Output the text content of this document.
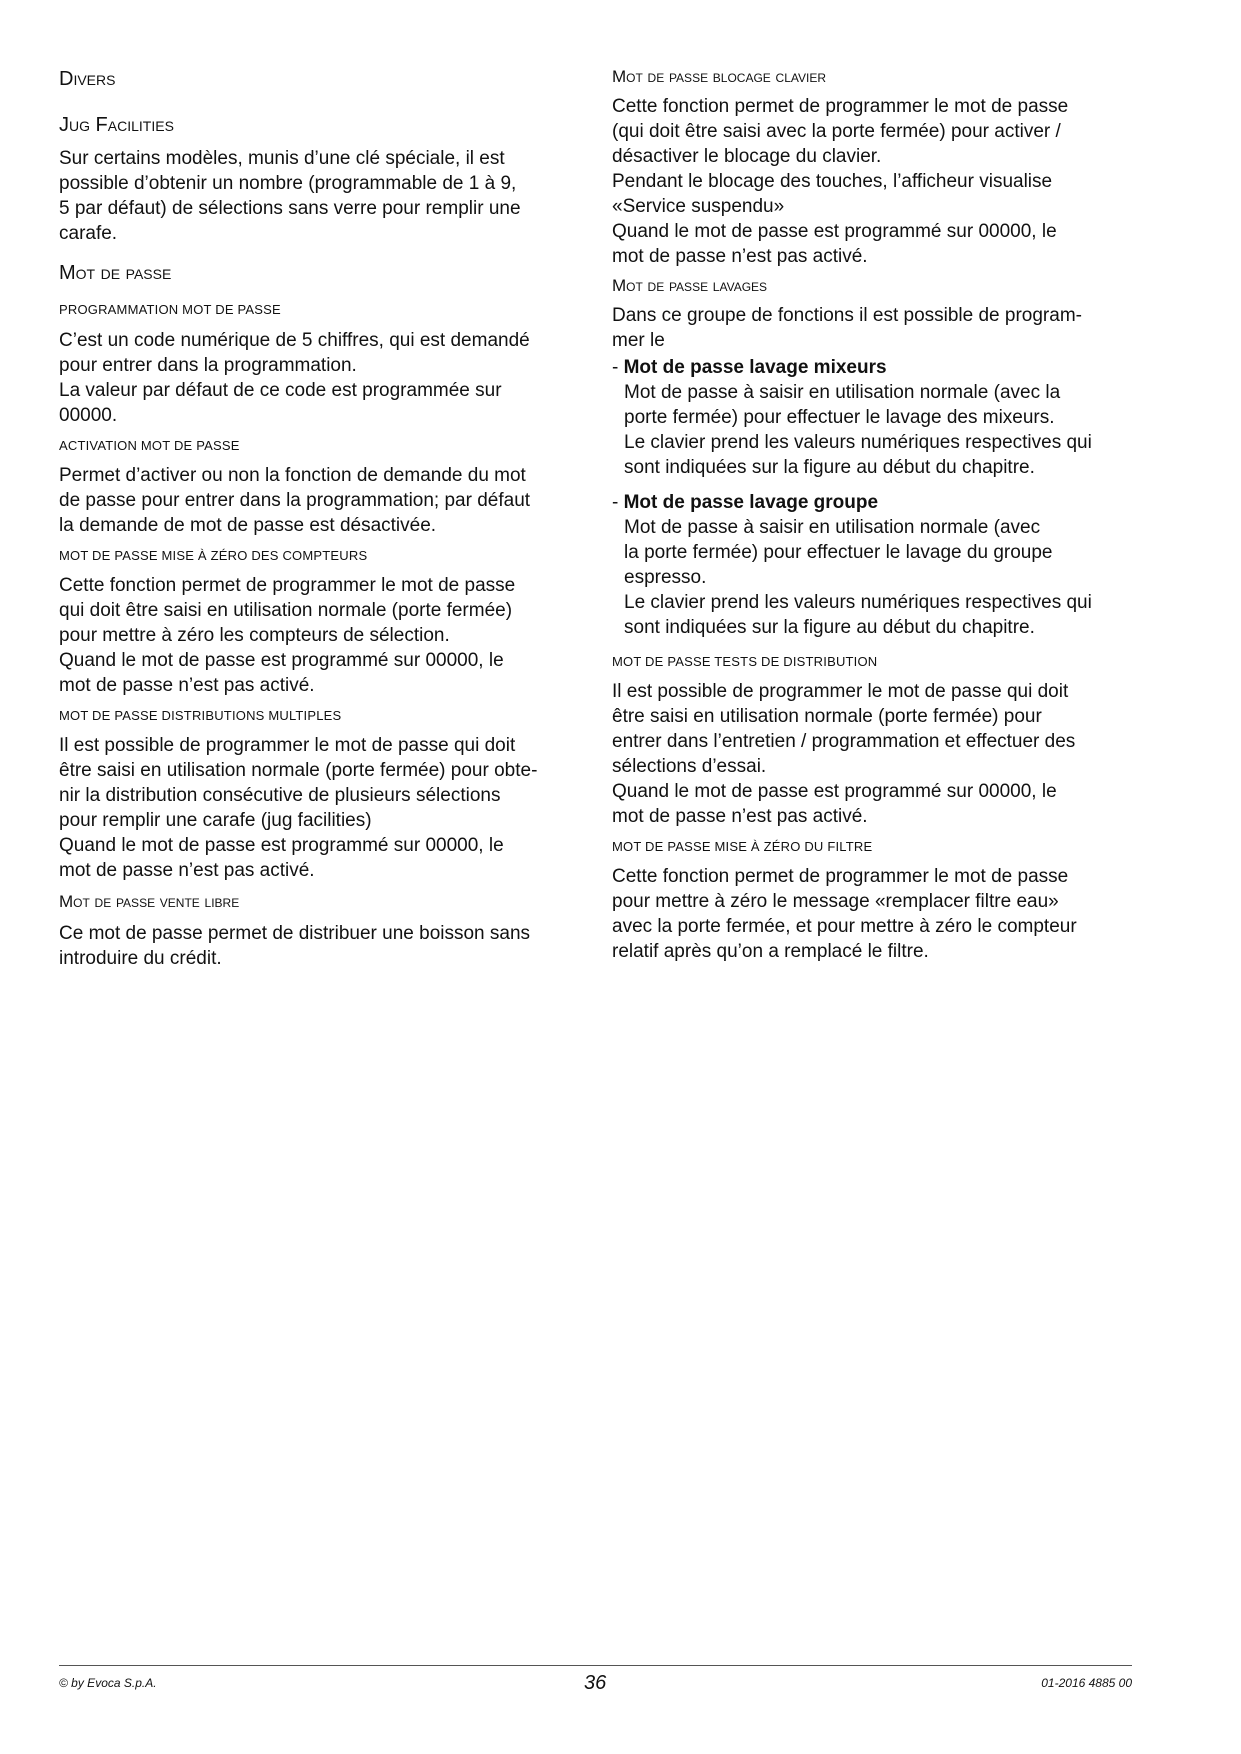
Divers
Jug Facilities

Sur certains modèles, munis d’une clé spéciale, il est

possible d’obtenir un nombre (programmable de 1 à 9,

5 par défaut) de sélections sans verre pour remplir une

carafe.

Mot de passe
PROGRAMMATION MOT DE PASSE

C’est un code numérique de 5 chiffres, qui est demandé

pour entrer dans la programmation.

La valeur par défaut de ce code est programmée sur

00000.

ACTIVATION MOT DE PASSE

Permet d’activer ou non la fonction de demande du mot

de passe pour entrer dans la programmation; par défaut

la demande de mot de passe est désactivée.

MOT DE PASSE MISE À ZÉRO DES COMPTEURS

Cette fonction permet de programmer le mot de passe

qui doit être saisi en utilisation normale (porte fermée)

pour mettre à zéro les compteurs de sélection.

Quand le mot de passe est programmé sur 00000, le

mot de passe n’est pas activé.

MOT DE PASSE DISTRIBUTIONS MULTIPLES

Il est possible de programmer le mot de passe qui doit

être saisi en utilisation normale (porte fermée) pour obte-

nir la distribution consécutive de plusieurs sélections

pour remplir une carafe (jug facilities)

Quand le mot de passe est programmé sur 00000, le

mot de passe n’est pas activé.

Mot de passe vente libre

Ce mot de passe permet de distribuer une boisson sans

introduire du crédit.

Mot de passe blocage clavier

Cette fonction permet de programmer le mot de passe

(qui doit être saisi avec la porte fermée) pour activer /

désactiver le blocage du clavier.

Pendant le blocage des touches, l’afficheur visualise

«Service suspendu»

Quand le mot de passe est programmé sur 00000, le

mot de passe n’est pas activé.

Mot de passe lavages

Dans ce groupe de fonctions il est possible de program-

mer le

- Mot de passe lavage mixeurs

Mot de passe à saisir en utilisation normale (avec la

porte fermée) pour effectuer le lavage des mixeurs.

Le clavier prend les valeurs numériques respectives qui

sont indiquées sur la figure au début du chapitre.

- Mot de passe lavage groupe

Mot de passe à saisir en utilisation normale (avec

la porte fermée) pour effectuer le lavage du groupe

espresso.

Le clavier prend les valeurs numériques respectives qui

sont indiquées sur la figure au début du chapitre.

MOT DE PASSE TESTS DE DISTRIBUTION

Il est possible de programmer le mot de passe qui doit

être saisi en utilisation normale (porte fermée) pour

entrer dans l’entretien / programmation et effectuer des

sélections d’essai.

Quand le mot de passe est programmé sur 00000, le

mot de passe n’est pas activé.

MOT DE PASSE MISE À ZÉRO DU FILTRE

Cette fonction permet de programmer le mot de passe

pour mettre à zéro le message «remplacer filtre eau»

avec la porte fermée, et pour mettre à zéro le compteur

relatif après qu’on a remplacé le filtre.

© by Evoca S.p.A.	36	01-2016 4885 00
